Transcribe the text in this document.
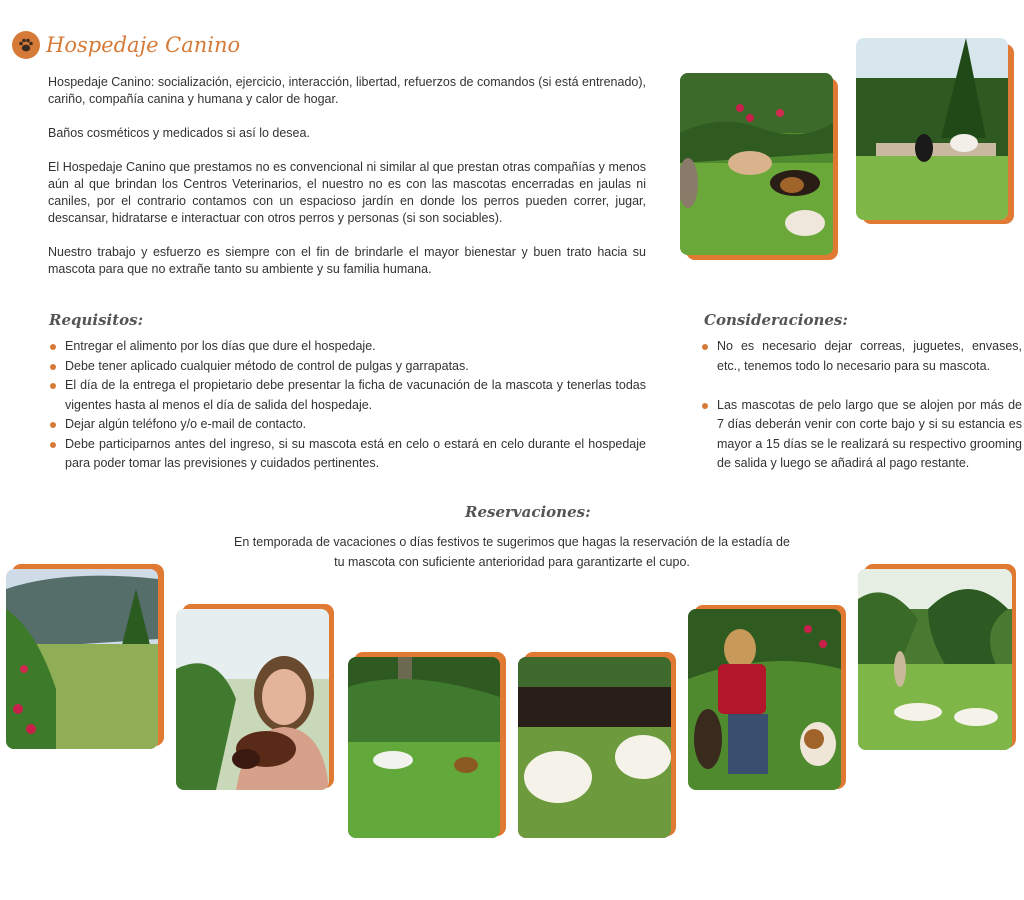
Hospedaje Canino

Hospedaje Canino: socialización, ejercicio, interacción, libertad, refuerzos de comandos (si está entrenado), cariño, compañía canina y humana y calor de hogar.

Baños cosméticos y medicados si así lo desea.

El Hospedaje Canino que prestamos no es convencional ni similar al que prestan otras compañías y menos aún al que brindan los Centros Veterinarios, el nuestro no es con las mascotas encerradas en jaulas ni caniles, por el contrario contamos con un espacioso jardín en donde los perros pueden correr, jugar, descansar, hidratarse e interactuar con otros perros y personas (si son sociables).

Nuestro trabajo y esfuerzo es siempre con el fin de brindarle el mayor bienestar y buen trato hacia su mascota para que no extrañe tanto su ambiente y su familia humana.

Requisitos:
Entregar el alimento por los días que dure el hospedaje.
Debe tener aplicado cualquier método de control de pulgas y garrapatas.
El día de la entrega el propietario debe presentar la ficha de vacunación de la mascota y tenerlas todas vigentes hasta al menos el día de salida del hospedaje.
Dejar algún teléfono y/o e-mail de contacto.
Debe participarnos antes del ingreso, si su mascota está en celo o estará en celo durante el hospedaje para poder tomar las previsiones y cuidados pertinentes.
Consideraciones:
No es necesario dejar correas, juguetes, envases, etc., tenemos todo lo necesario para su mascota.
Las mascotas de pelo largo que se alojen por más de 7 días deberán venir con corte bajo y si su estancia es mayor a 15 días se le realizará su respectivo grooming de salida y luego se añadirá al pago restante.
Reservaciones:
En temporada de vacaciones o días festivos te sugerimos que hagas la reservación de la estadía de
tu mascota con suficiente anterioridad para garantizarte el cupo.
